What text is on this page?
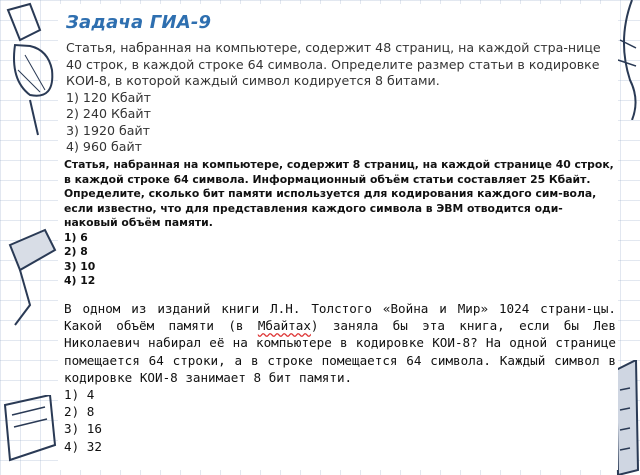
Задача ГИА-9

Статья, набранная на компьютере, содержит 48 страниц, на каждой стра-нице 40 строк, в каждой строке 64 символа. Определите размер статьи в кодировке КОИ-8, в которой каждый символ кодируется 8 битами.

1) 120 Кбайт
2) 240 Кбайт
3) 1920 байт
4) 960 байт

Статья, набранная на компьютере, содержит 8 страниц, на каждой странице 40 строк, в каждой строке 64 символа. Информационный объём статьи составляет 25 Кбайт. Определите, сколько бит памяти используется для кодирования каждого сим-вола, если известно, что для представления каждого символа в ЭВМ отводится оди-наковый объём памяти.

1) 6
2) 8
3) 10
4) 12

В одном из изданий книги Л.Н. Толстого «Война и Мир» 1024 страни-цы. Какой объём памяти (в Мбайтах) заняла бы эта книга, если бы Лев Николаевич набирал её на компьютере в кодировке КОИ-8? На одной странице помещается 64 строки, а в строке помещается 64 символа. Каждый символ в кодировке КОИ-8 занимает 8 бит памяти.

1) 4
2) 8
3) 16
4) 32
